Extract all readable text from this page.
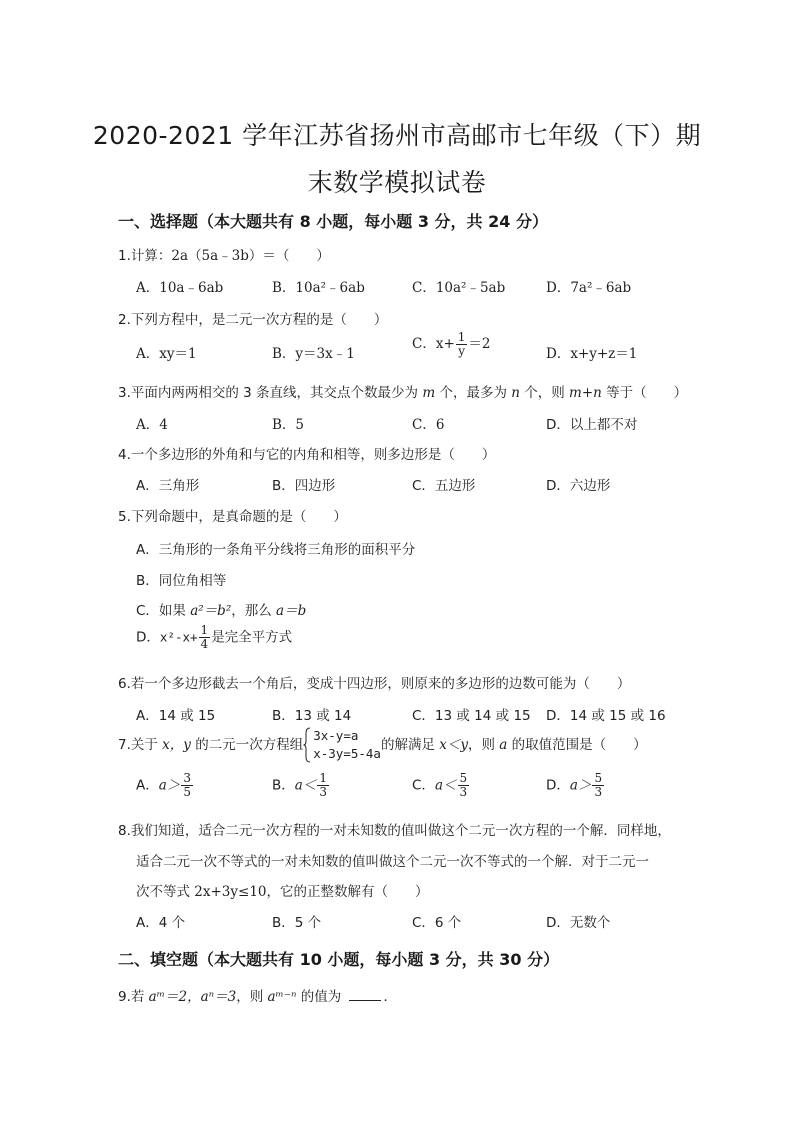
2020-2021 学年江苏省扬州市高邮市七年级（下）期
末数学模拟试卷
一、选择题（本大题共有 8 小题，每小题 3 分，共 24 分）
1.计算：2a（5a﹣3b）＝（　　）
A．10a﹣6ab	B．10a²﹣6ab	C．10a²﹣5ab	D．7a²﹣6ab
2.下列方程中，是二元一次方程的是（　　）
A．xy＝1	B．y＝3x﹣1
C．$x+ \frac{1}{y} =2$
D．x+y+z＝1
3.平面内两两相交的 3 条直线，其交点个数最少为 m 个，最多为 n 个，则 m+n 等于（　　）
A．4	B．5	C．6	D．以上都不对
4.一个多边形的外角和与它的内角和相等，则多边形是（　　）
A．三角形	B．四边形	C．五边形	D．六边形
5.下列命题中，是真命题的是（　　）
A．三角形的一条角平分线将三角形的面积平分
B．同位角相等
C．如果 a²＝b²，那么 a＝b
D．$x^2-x+ \frac{1}{4}$ 是完全平方式
6.若一个多边形截去一个角后，变成十四边形，则原来的多边形的边数可能为（　　）
A．14 或 15	B．13 或 14	C．13 或 14 或 15 D．14 或 15 或 16
7.关于 x，y 的二元一次方程组
3x-y=a
x-3y=5-4a
的解满足 x＜y，则 a 的取值范围是（　　）
A．$a> \frac{3}{5}$	B．$a< \frac{1}{3}$	C．$a< \frac{5}{3}$	D．$a> \frac{5}{3}$
8.我们知道，适合二元一次方程的一对未知数的值叫做这个二元一次方程的一个解．同样地，
适合二元一次不等式的一对未知数的值叫做这个二元一次不等式的一个解．对于二元一
次不等式 2x+3y≤10，它的正整数解有（　　）
A．4 个	B．5 个	C．6 个	D．无数个
二、填空题（本大题共有 10 小题，每小题 3 分，共 30 分）
9.若 aᵐ＝2，aⁿ＝3，则 aᵐ⁻ⁿ 的值为	．
